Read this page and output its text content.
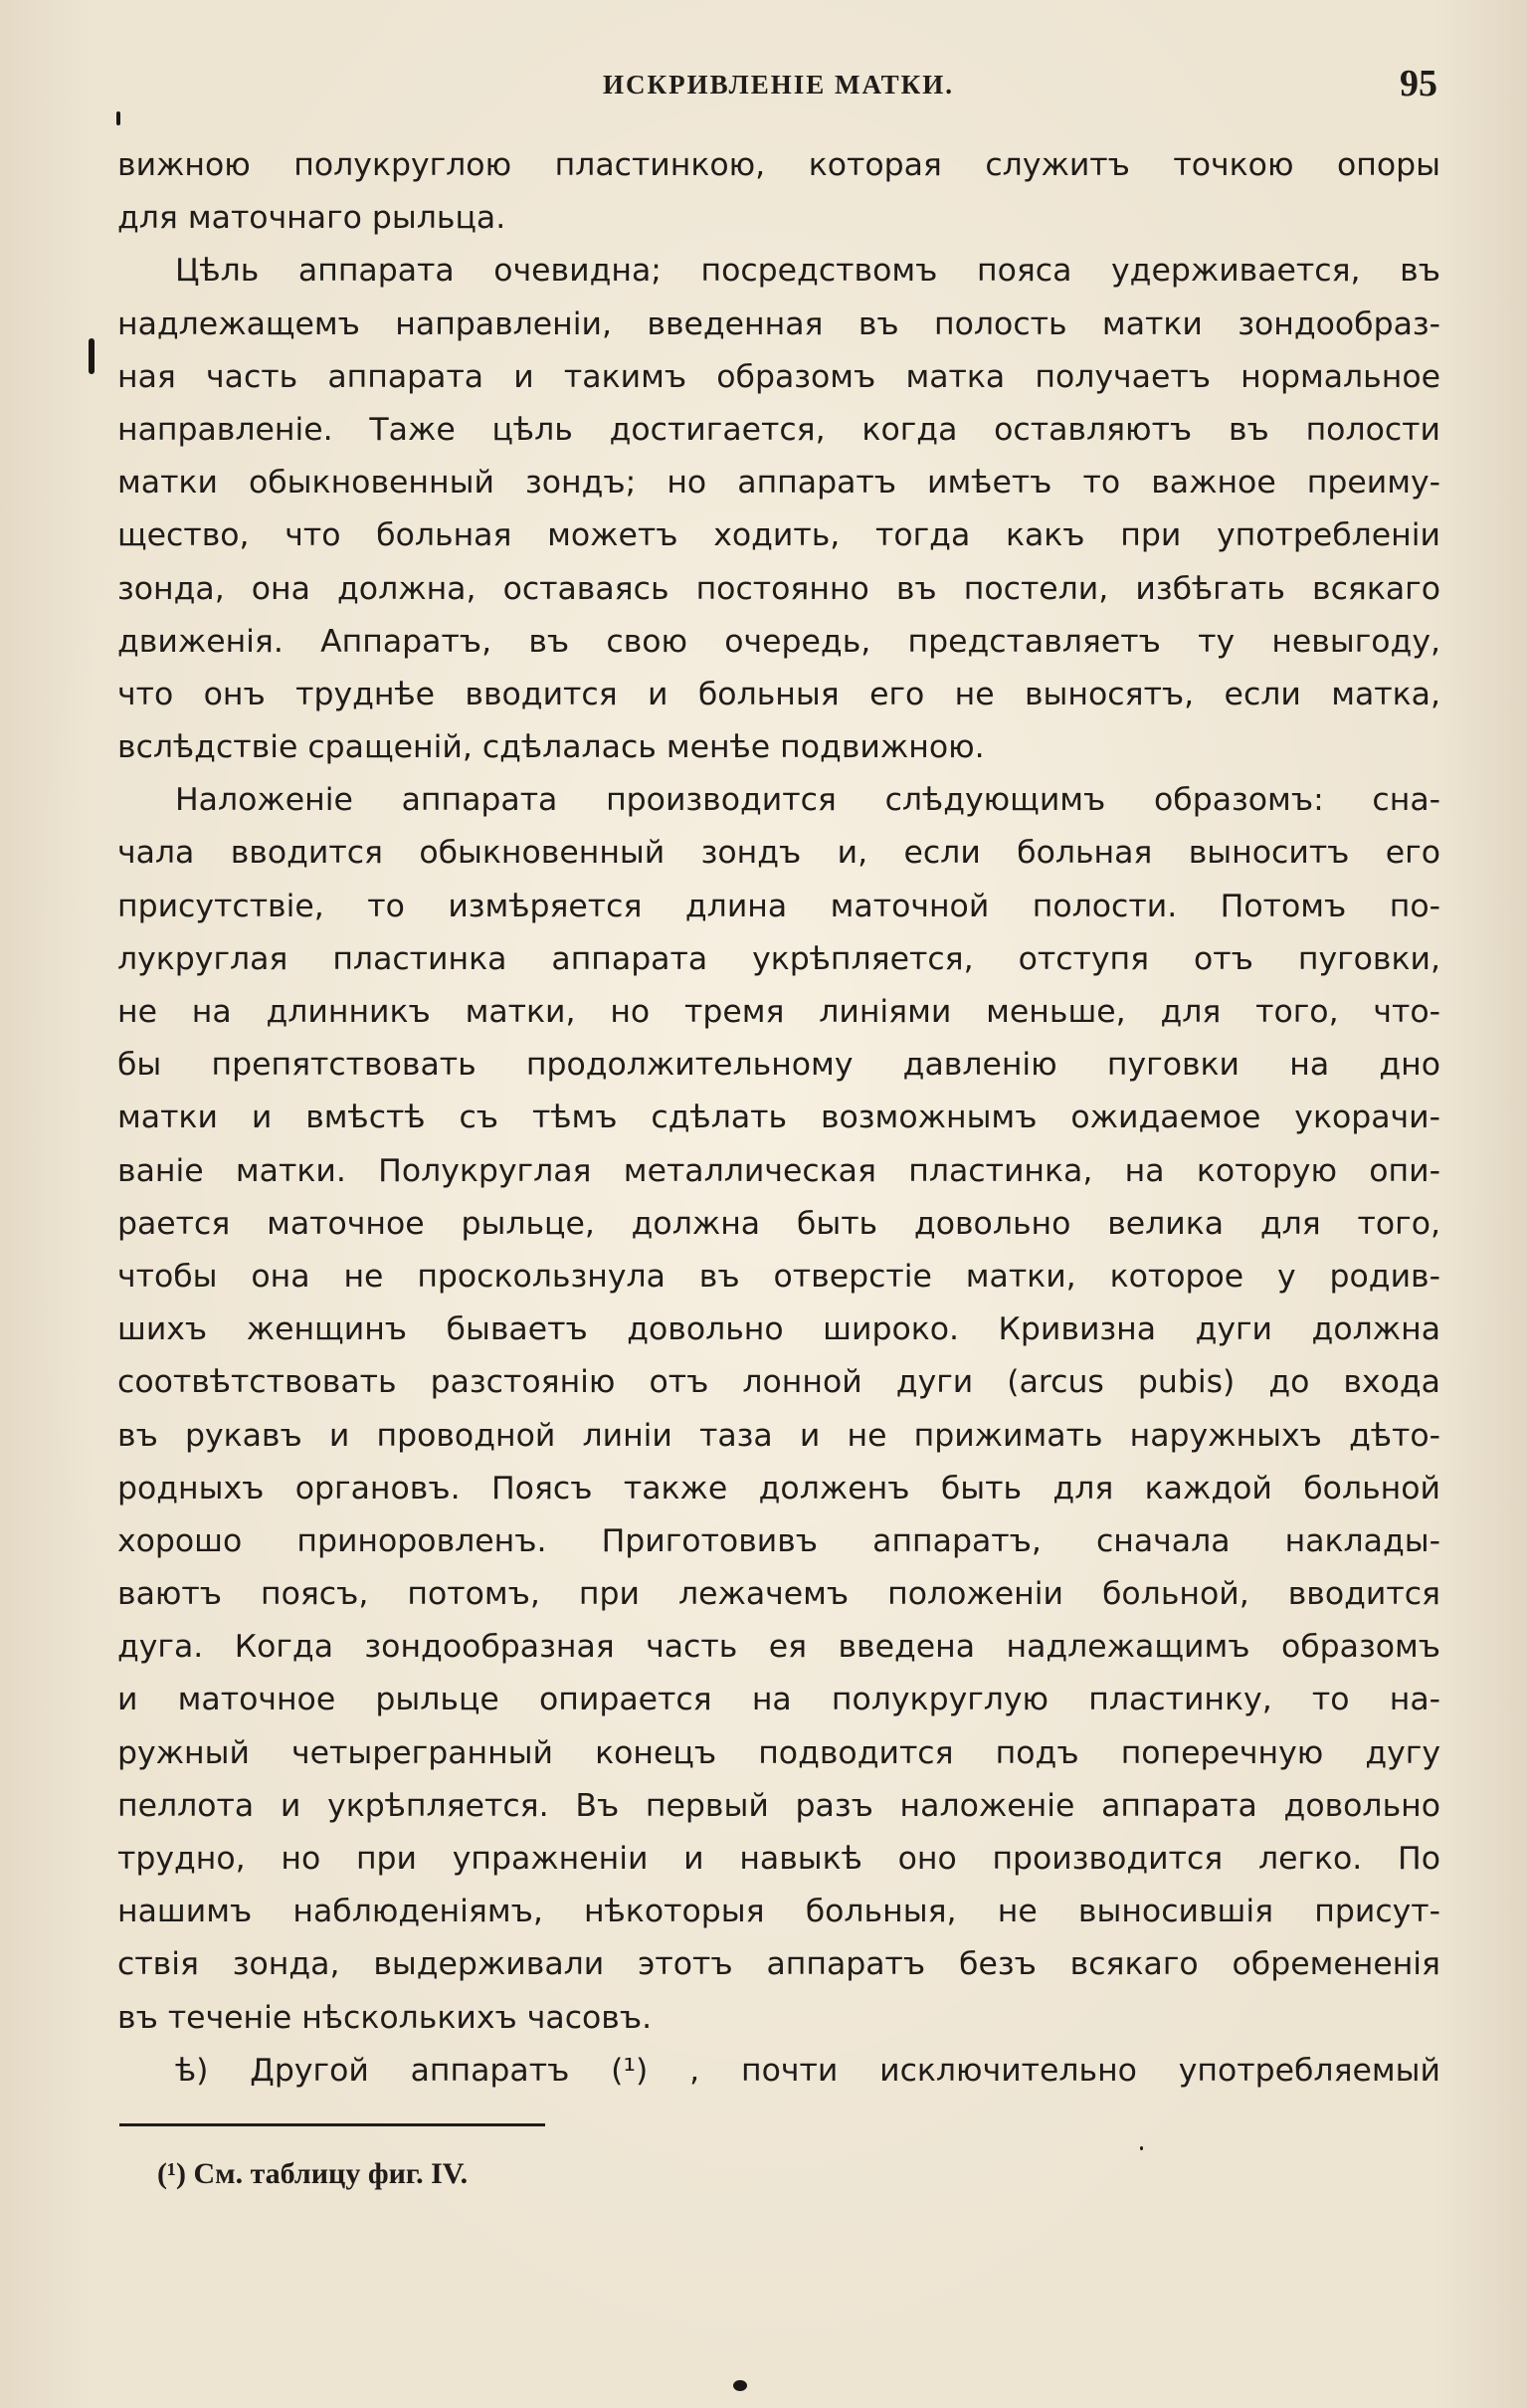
ИСКРИВЛЕНІЕ МАТКИ.	95
вижною полукруглою пластинкою, которая служитъ точкою опоры
для маточнаго рыльца.
Цѣль аппарата очевидна; посредствомъ пояса удерживается, въ
надлежащемъ направленіи, введенная въ полость матки зондообраз-
ная часть аппарата и такимъ образомъ матка получаетъ нормальное
направленіе. Таже цѣль достигается, когда оставляютъ въ полости
матки обыкновенный зондъ; но аппаратъ имѣетъ то важное преиму-
щество, что больная можетъ ходить, тогда какъ при употребленіи
зонда, она должна, оставаясь постоянно въ постели, избѣгать всякаго
движенія. Аппаратъ, въ свою очередь, представляетъ ту невыгоду,
что онъ труднѣе вводится и больныя его не выносятъ, если матка,
вслѣдствіе сращеній, сдѣлалась менѣе подвижною.
Наложеніе аппарата производится слѣдующимъ образомъ: сна-
чала вводится обыкновенный зондъ и, если больная выноситъ его
присутствіе, то измѣряется длина маточной полости. Потомъ по-
лукруглая пластинка аппарата укрѣпляется, отступя отъ пуговки,
не на длинникъ матки, но тремя линіями меньше, для того, что-
бы препятствовать продолжительному давленію пуговки на дно
матки и вмѣстѣ съ тѣмъ сдѣлать возможнымъ ожидаемое укорачи-
ваніе матки. Полукруглая металлическая пластинка, на которую опи-
рается маточное рыльце, должна быть довольно велика для того,
чтобы она не проскользнула въ отверстіе матки, которое у родив-
шихъ женщинъ бываетъ довольно широко. Кривизна дуги должна
соотвѣтствовать разстоянію отъ лонной дуги (arcus pubis) до входа
въ рукавъ и проводной линіи таза и не прижимать наружныхъ дѣто-
родныхъ органовъ. Поясъ также долженъ быть для каждой больной
хорошо приноровленъ. Приготовивъ аппаратъ, сначала наклады-
ваютъ поясъ, потомъ, при лежачемъ положеніи больной, вводится
дуга. Когда зондообразная часть ея введена надлежащимъ образомъ
и маточное рыльце опирается на полукруглую пластинку, то на-
ружный четырегранный конецъ подводится подъ поперечную дугу
пеллота и укрѣпляется. Въ первый разъ наложеніе аппарата довольно
трудно, но при упражненіи и навыкѣ оно производится легко. По
нашимъ наблюденіямъ, нѣкоторыя больныя, не выносившія присут-
ствія зонда, выдерживали этотъ аппаратъ безъ всякаго обремененія
въ теченіе нѣсколькихъ часовъ.
ѣ) Другой аппаратъ (¹) , почти исключительно употребляемый
(¹) См. таблицу фиг. IV.
